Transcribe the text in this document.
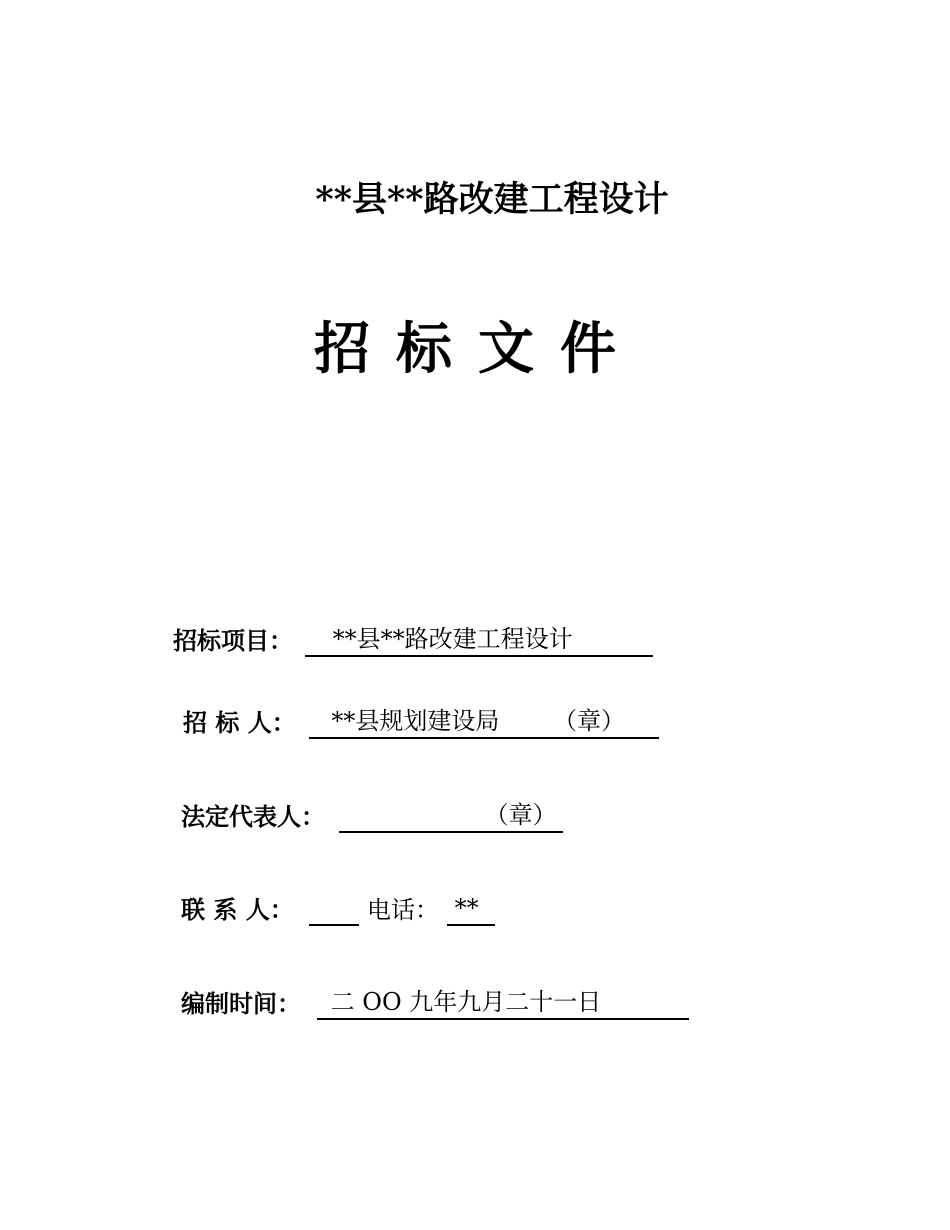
**县**路改建工程设计
招标文件
招标项目： **县**路改建工程设计
招 标 人： **县规划建设局 （章）
法定代表人：	（章）
联 系 人：	电话： **
编制时间： 二 OO 九年九月二十一日
